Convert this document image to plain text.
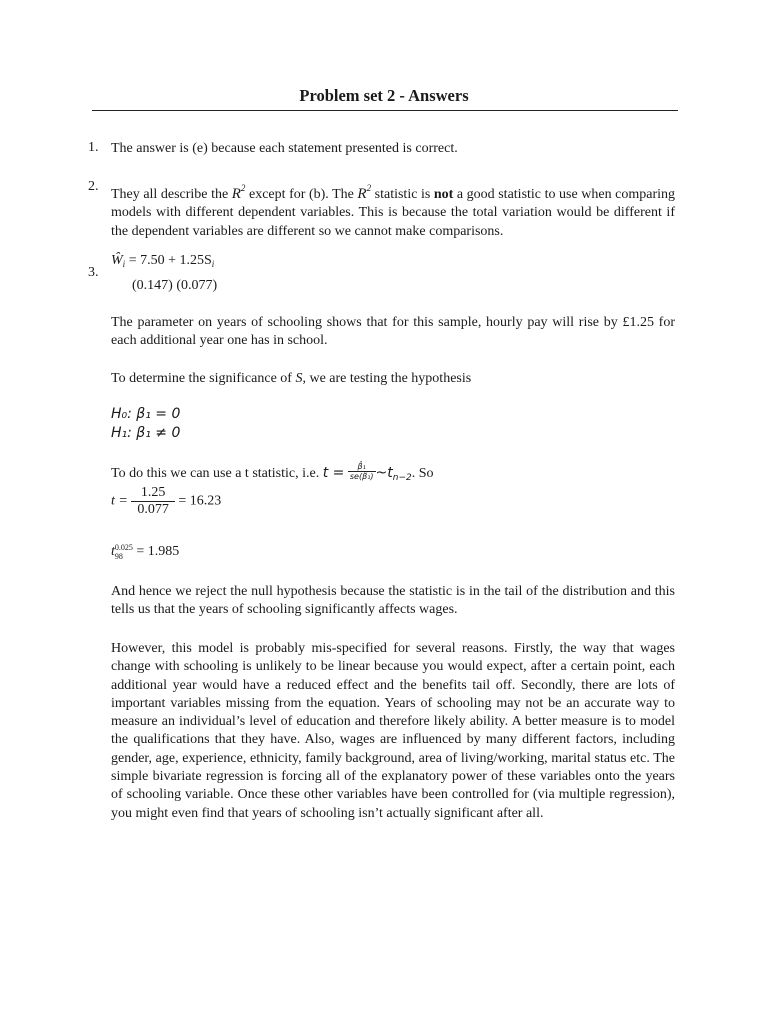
Problem set 2 - Answers
1. The answer is (e) because each statement presented is correct.
2.
They all describe the $R^2$ except for (b). The $R^2$ statistic is not a good statistic to use when comparing models with different dependent variables. This is because the total variation would be different if the dependent variables are different so we cannot make comparisons.
3.
$Ŵ_i = 7.50 + 1.25S_i$
(0.147) (0.077)
The parameter on years of schooling shows that for this sample, hourly pay will rise by £1.25 for each additional year one has in school.
To determine the significance of S, we are testing the hypothesis
H₀: β₁ = 0
H₁: β₁ ≠ 0
To do this we can use a t statistic, i.e. $t = \frac{\text{β̂₁}}{\text{se(β̂₁)}}$ $\sim t_{n-2}$. So
$t = \frac{1.25}{0.077} = 16.23$
t 0.025
98 = 1.985
And hence we reject the null hypothesis because the statistic is in the tail of the distribution and this tells us that the years of schooling significantly affects wages.
However, this model is probably mis-specified for several reasons. Firstly, the way that wages change with schooling is unlikely to be linear because you would expect, after a certain point, each additional year would have a reduced effect and the benefits tail off. Secondly, there are lots of important variables missing from the equation. Years of schooling may not be an accurate way to measure an individual’s level of education and therefore likely ability. A better measure is to model the qualifications that they have. Also, wages are influenced by many different factors, including gender, age, experience, ethnicity, family background, area of living/working, marital status etc. The simple bivariate regression is forcing all of the explanatory power of these variables onto the years of schooling variable. Once these other variables have been controlled for (via multiple regression), you might even find that years of schooling isn’t actually significant after all.
